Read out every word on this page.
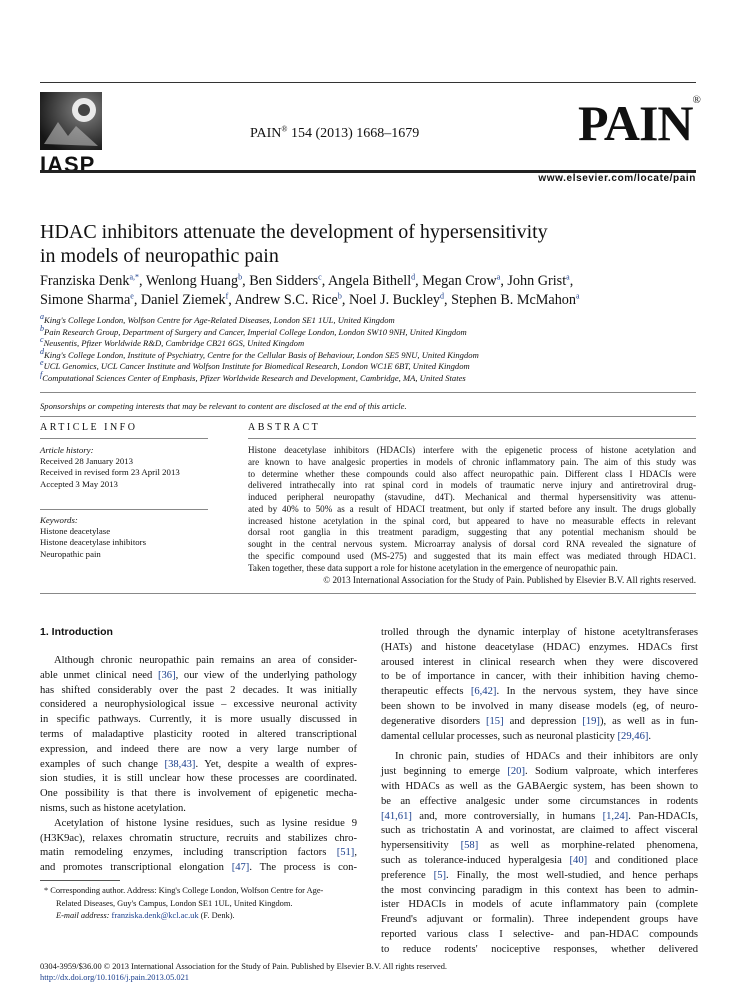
IASP
PAIN® 154 (2013) 1668–1679	PAIN®
www.elsevier.com/locate/pain
HDAC inhibitors attenuate the development of hypersensitivity
in models of neuropathic pain
Franziska Denk$^{a,*}$, Wenlong Huang$^b$, Ben Sidders$^c$, Angela Bithell$^d$, Megan Crow$^a$, John Grist$^a$,
Simone Sharma$^e$, Daniel Ziemek$^f$, Andrew S.C. Rice$^b$, Noel J. Buckley$^d$, Stephen B. McMahon$^a$
aKing's College London, Wolfson Centre for Age-Related Diseases, London SE1 1UL, United Kingdom
bPain Research Group, Department of Surgery and Cancer, Imperial College London, London SW10 9NH, United Kingdom
cNeusentis, Pfizer Worldwide R&D, Cambridge CB21 6GS, United Kingdom
dKing's College London, Institute of Psychiatry, Centre for the Cellular Basis of Behaviour, London SE5 9NU, United Kingdom
eUCL Genomics, UCL Cancer Institute and Wolfson Institute for Biomedical Research, London WC1E 6BT, United Kingdom
fComputational Sciences Center of Emphasis, Pfizer Worldwide Research and Development, Cambridge, MA, United States
Sponsorships or competing interests that may be relevant to content are disclosed at the end of this article.
ARTICLE INFO
Article history:
Received 28 January 2013
Received in revised form 23 April 2013
Accepted 3 May 2013
Keywords:
Histone deacetylase
Histone deacetylase inhibitors
Neuropathic pain
ABSTRACT
Histone deacetylase inhibitors (HDACIs) interfere with the epigenetic process of histone acetylation and
are known to have analgesic properties in models of chronic inflammatory pain. The aim of this study was
to determine whether these compounds could also affect neuropathic pain. Different class I HDACIs were
delivered intrathecally into rat spinal cord in models of traumatic nerve injury and antiretroviral drug-
induced peripheral neuropathy (stavudine, d4T). Mechanical and thermal hypersensitivity was attenu-
ated by 40% to 50% as a result of HDACI treatment, but only if started before any insult. The drugs globally
increased histone acetylation in the spinal cord, but appeared to have no measurable effects in relevant
dorsal root ganglia in this treatment paradigm, suggesting that any potential mechanism should be
sought in the central nervous system. Microarray analysis of dorsal cord RNA revealed the signature of
the specific compound used (MS-275) and suggested that its main effect was mediated through HDAC1.
Taken together, these data support a role for histone acetylation in the emergence of neuropathic pain.
© 2013 International Association for the Study of Pain. Published by Elsevier B.V. All rights reserved.
1. Introduction
Although chronic neuropathic pain remains an area of consider-
able unmet clinical need [36], our view of the underlying pathology
has shifted considerably over the past 2 decades. It was initially
considered a neurophysiological issue – excessive neuronal activity
in specific pathways. Currently, it is more usually discussed in
terms of maladaptive plasticity rooted in altered transcriptional
expression, and indeed there are now a very large number of
examples of such change [38,43]. Yet, despite a wealth of expres-
sion studies, it is still unclear how these processes are coordinated.
One possibility is that there is involvement of epigenetic mecha-
nisms, such as histone acetylation.
Acetylation of histone lysine residues, such as lysine residue 9
(H3K9ac), relaxes chromatin structure, recruits and stabilizes chro-
matin remodeling enzymes, including transcription factors [51],
and promotes transcriptional elongation [47]. The process is con-
trolled through the dynamic interplay of histone acetyltransferases
(HATs) and histone deacetylase (HDAC) enzymes. HDACs first
aroused interest in clinical research when they were discovered
to be of importance in cancer, with their inhibition having chemo-
therapeutic effects [6,42]. In the nervous system, they have since
been shown to be involved in many disease models (eg, of neuro-
degenerative disorders [15] and depression [19]), as well as in fun-
damental cellular processes, such as neuronal plasticity [29,46].
In chronic pain, studies of HDACs and their inhibitors are only
just beginning to emerge [20]. Sodium valproate, which interferes
with HDACs as well as the GABAergic system, has been shown to
be an effective analgesic under some circumstances in rodents
[41,61] and, more controversially, in humans [1,24]. Pan-HDACIs,
such as trichostatin A and vorinostat, are claimed to affect visceral
hypersensitivity [58] as well as morphine-related phenomena,
such as tolerance-induced hyperalgesia [40] and conditioned place
preference [5]. Finally, the most well-studied, and hence perhaps
the most convincing paradigm in this context has been to admin-
ister HDACIs in models of acute inflammatory pain (complete
Freund's adjuvant or formalin). Three independent groups have
reported various class I selective- and pan-HDAC compounds
to reduce rodents' nociceptive responses, whether delivered
* Corresponding author. Address: King's College London, Wolfson Centre for Age-
Related Diseases, Guy's Campus, London SE1 1UL, United Kingdom.
E-mail address: franziska.denk@kcl.ac.uk (F. Denk).
0304-3959/$36.00 © 2013 International Association for the Study of Pain. Published by Elsevier B.V. All rights reserved.
http://dx.doi.org/10.1016/j.pain.2013.05.021
